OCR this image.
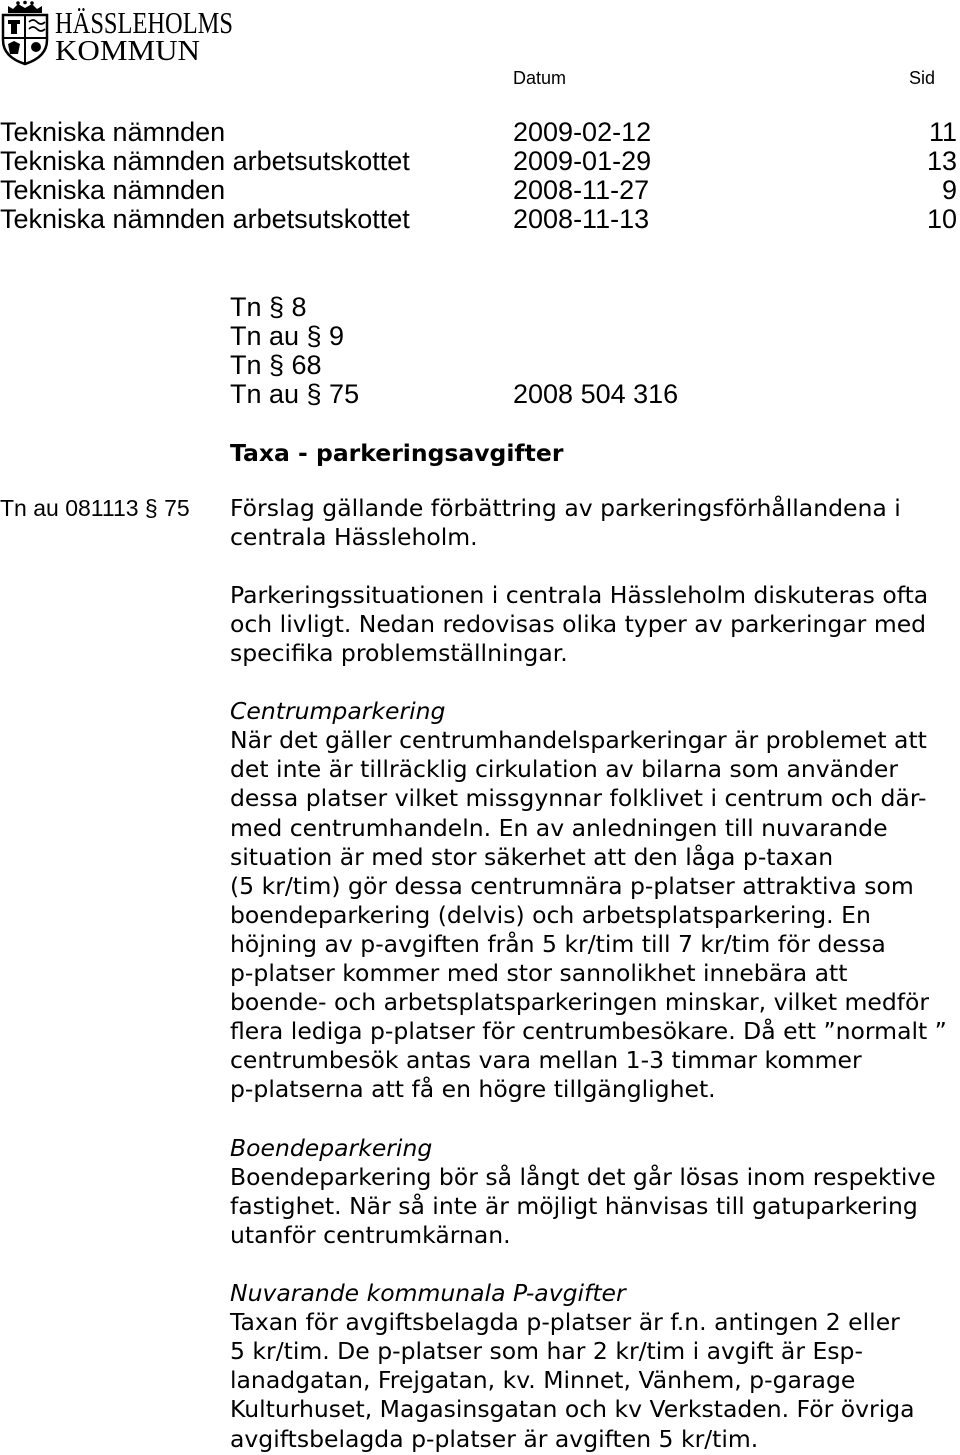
HÄSSLEHOLMS
KOMMUN
Datum	Sid
Tekniska nämnden	2009-02-12	11
Tekniska nämnden arbetsutskottet	2009-01-29	13
Tekniska nämnden	2008-11-27	9
Tekniska nämnden arbetsutskottet	2008-11-13	10
Tn § 8
Tn au § 9
Tn § 68
Tn au § 75	2008 504 316
Taxa - parkeringsavgifter
Tn au 081113 § 75 Förslag gällande förbättring av parkeringsförhållandena i
centrala Hässleholm.
Parkeringssituationen i centrala Hässleholm diskuteras ofta
och livligt. Nedan redovisas olika typer av parkeringar med
specifika problemställningar.
Centrumparkering
När det gäller centrumhandelsparkeringar är problemet att
det inte är tillräcklig cirkulation av bilarna som använder
dessa platser vilket missgynnar folklivet i centrum och där-
med centrumhandeln. En av anledningen till nuvarande
situation är med stor säkerhet att den låga p-taxan
(5 kr/tim) gör dessa centrumnära p-platser attraktiva som
boendeparkering (delvis) och arbetsplatsparkering. En
höjning av p-avgiften från 5 kr/tim till 7 kr/tim för dessa
p-platser kommer med stor sannolikhet innebära att
boende- och arbetsplatsparkeringen minskar, vilket medför
flera lediga p-platser för centrumbesökare. Då ett ”normalt ”
centrumbesök antas vara mellan 1-3 timmar kommer
p-platserna att få en högre tillgänglighet.
Boendeparkering
Boendeparkering bör så långt det går lösas inom respektive
fastighet. När så inte är möjligt hänvisas till gatuparkering
utanför centrumkärnan.
Nuvarande kommunala P-avgifter
Taxan för avgiftsbelagda p-platser är f.n. antingen 2 eller
5 kr/tim. De p-platser som har 2 kr/tim i avgift är Esp-
lanadgatan, Frejgatan, kv. Minnet, Vänhem, p-garage
Kulturhuset, Magasinsgatan och kv Verkstaden. För övriga
avgiftsbelagda p-platser är avgiften 5 kr/tim.
